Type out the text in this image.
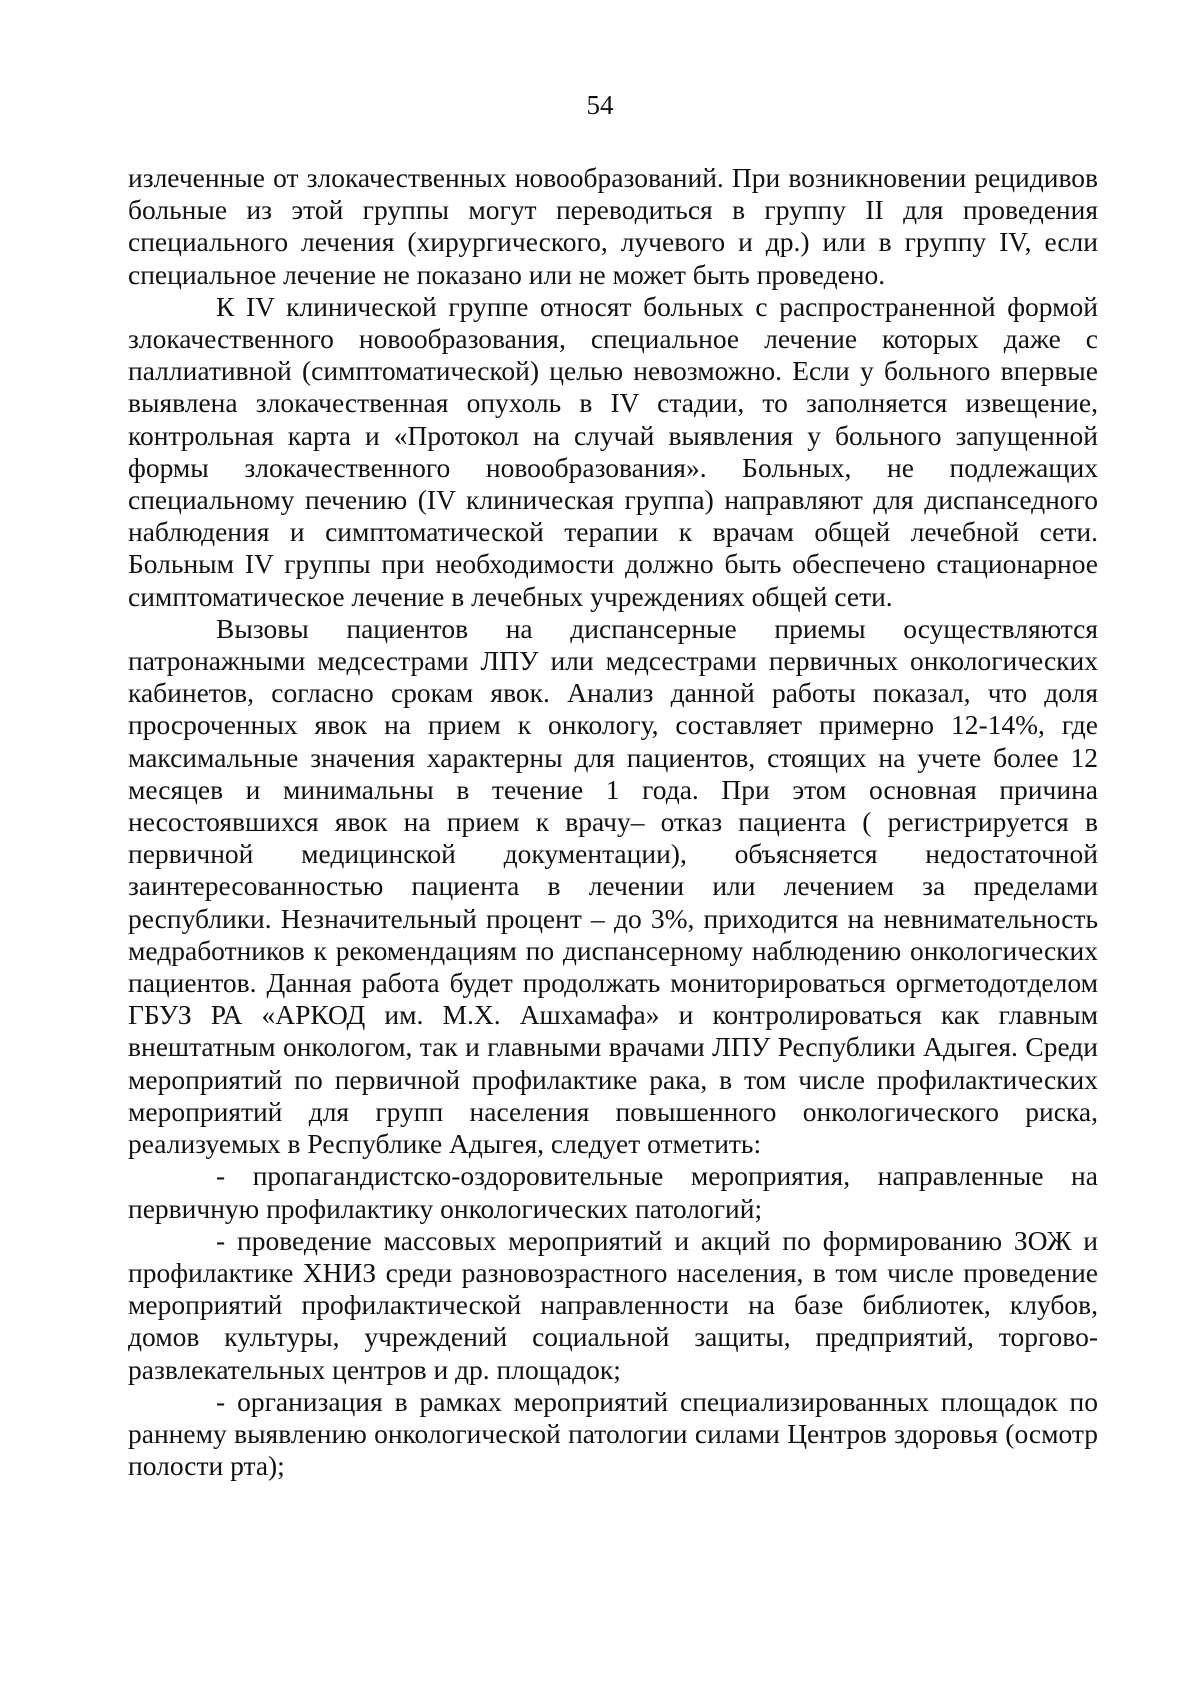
54

излеченные от злокачественных новообразований. При возникновении рецидивов больные из этой группы могут переводиться в группу II для проведения специального лечения (хирургического, лучевого и др.) или в группу IV, если специальное лечение не показано или не может быть проведено.

К IV клинической группе относят больных с распространенной формой злокачественного новообразования, специальное лечение которых даже с паллиативной (симптоматической) целью невозможно. Если у больного впервые выявлена злокачественная опухоль в IV стадии, то заполняется извещение, контрольная карта и «Протокол на случай выявления у больного запущенной формы злокачественного новообразования». Больных, не подлежащих специальному печению (IV клиническая группа) направляют для диспанседного наблюдения и симптоматической терапии к врачам общей лечебной сети. Больным IV группы при необходимости должно быть обеспечено стационарное симптоматическое лечение в лечебных учреждениях общей сети.

Вызовы пациентов на диспансерные приемы осуществляются патронажными медсестрами ЛПУ или медсестрами первичных онкологических кабинетов, согласно срокам явок. Анализ данной работы показал, что доля просроченных явок на прием к онкологу, составляет примерно 12-14%, где максимальные значения характерны для пациентов, стоящих на учете более 12 месяцев и минимальны в течение 1 года. При этом основная причина несостоявшихся явок на прием к врачу– отказ пациента ( регистрируется в первичной медицинской документации), объясняется недостаточной заинтересованностью пациента в лечении или лечением за пределами республики. Незначительный процент – до 3%, приходится на невнимательность медработников к рекомендациям по диспансерному наблюдению онкологических пациентов. Данная работа будет продолжать мониторироваться оргметодотделом ГБУЗ РА «АРКОД им. М.Х. Ашхамафа» и контролироваться как главным внештатным онкологом, так и главными врачами ЛПУ Республики Адыгея. Среди мероприятий по первичной профилактике рака, в том числе профилактических мероприятий для групп населения повышенного онкологического риска, реализуемых в Республике Адыгея, следует отметить:

- пропагандистско-оздоровительные мероприятия, направленные на первичную профилактику онкологических патологий;

- проведение массовых мероприятий и акций по формированию ЗОЖ и профилактике ХНИЗ среди разновозрастного населения, в том числе проведение мероприятий профилактической направленности на базе библиотек, клубов, домов культуры, учреждений социальной защиты, предприятий, торгово-развлекательных центров и др. площадок;

- организация в рамках мероприятий специализированных площадок по раннему выявлению онкологической патологии силами Центров здоровья (осмотр полости рта);
